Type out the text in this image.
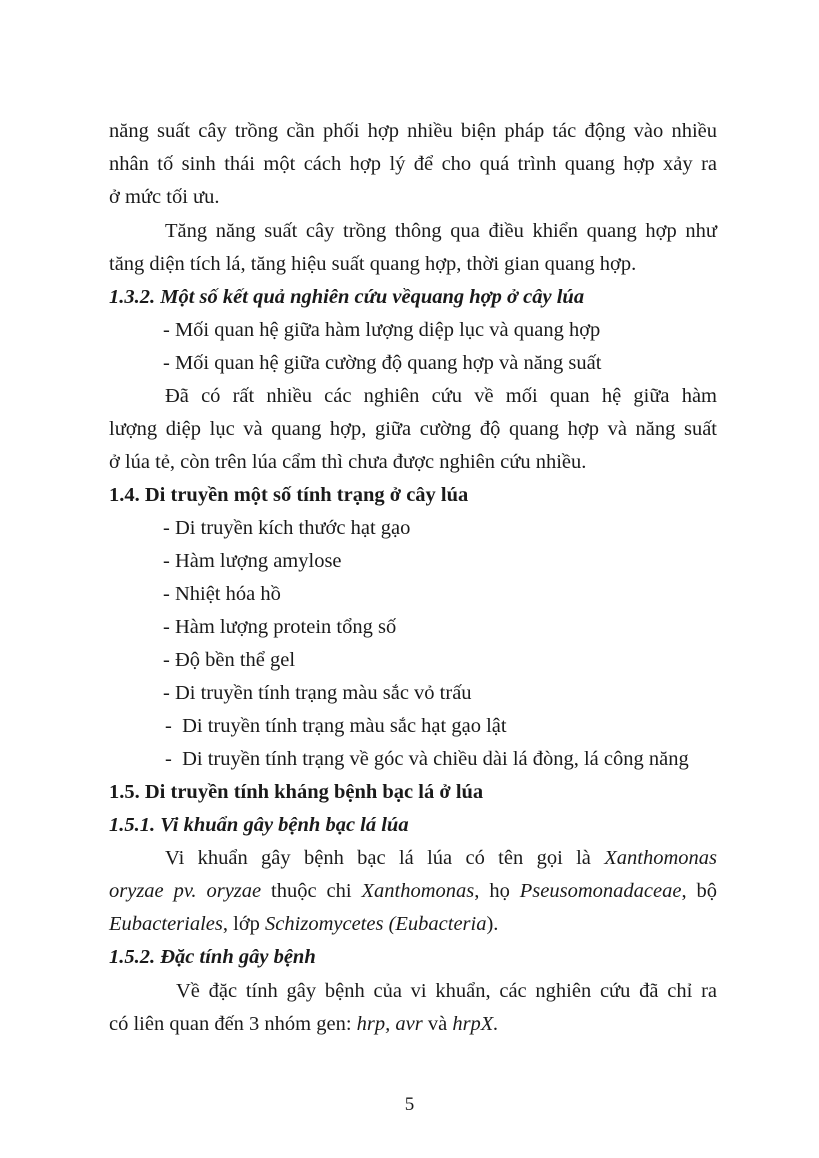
năng suất cây trồng cần phối hợp nhiều biện pháp tác động vào nhiều
nhân tố sinh thái một cách hợp lý để cho quá trình quang hợp xảy ra
ở mức tối ưu.
Tăng năng suất cây trồng thông qua điều khiển quang hợp như
tăng diện tích lá, tăng hiệu suất quang hợp, thời gian quang hợp.
1.3.2. Một số kết quả nghiên cứu vềquang hợp ở cây lúa
- Mối quan hệ giữa hàm lượng diệp lục và quang hợp
- Mối quan hệ giữa cường độ quang hợp và năng suất
Đã có rất nhiều các nghiên cứu về mối quan hệ giữa hàm
lượng diệp lục và quang hợp, giữa cường độ quang hợp và năng suất
ở lúa tẻ, còn trên lúa cẩm thì chưa được nghiên cứu nhiều.
1.4. Di truyền một số tính trạng ở cây lúa
- Di truyền kích thước hạt gạo
- Hàm lượng amylose
- Nhiệt hóa hồ
- Hàm lượng protein tổng số
- Độ bền thể gel
- Di truyền tính trạng màu sắc vỏ trấu
-  Di truyền tính trạng màu sắc hạt gạo lật
-  Di truyền tính trạng về góc và chiều dài lá đòng, lá công năng
1.5. Di truyền tính kháng bệnh bạc lá ở lúa
1.5.1. Vi khuẩn gây bệnh bạc lá lúa
Vi khuẩn gây bệnh bạc lá lúa có tên gọi là Xanthomonas
oryzae pv. oryzae thuộc chi Xanthomonas, họ Pseusomonadaceae, bộ
Eubacteriales, lớp Schizomycetes (Eubacteria).
1.5.2. Đặc tính gây bệnh
Về đặc tính gây bệnh của vi khuẩn, các nghiên cứu đã chỉ ra
có liên quan đến 3 nhóm gen: hrp, avr và hrpX.
5
